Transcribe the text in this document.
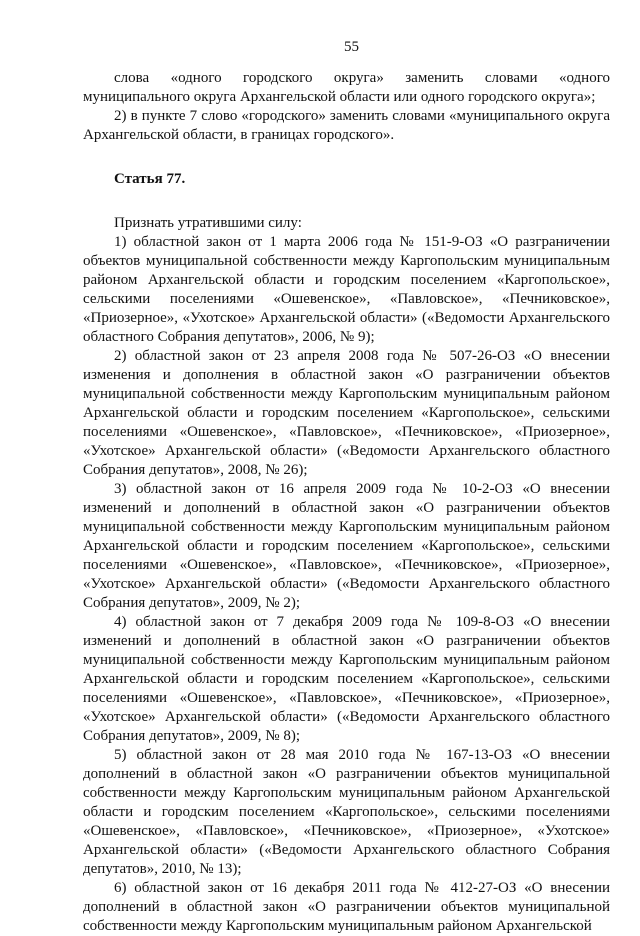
55

слова «одного городского округа» заменить словами «одного муниципального округа Архангельской области или одного городского округа»;

2) в пункте 7 слово «городского» заменить словами «муниципального округа Архангельской области, в границах городского».

Статья 77.

Признать утратившими силу:

1) областной закон от 1 марта 2006 года № 151-9-ОЗ «О разграничении объектов муниципальной собственности между Каргопольским муниципальным районом Архангельской области и городским поселением «Каргопольское», сельскими поселениями «Ошевенское», «Павловское», «Печниковское», «Приозерное», «Ухотское» Архангельской области» («Ведомости Архангельского областного Собрания депутатов», 2006, № 9);

2) областной закон от 23 апреля 2008 года № 507-26-ОЗ «О внесении изменения и дополнения в областной закон «О разграничении объектов муниципальной собственности между Каргопольским муниципальным районом Архангельской области и городским поселением «Каргопольское», сельскими поселениями «Ошевенское», «Павловское», «Печниковское», «Приозерное», «Ухотское» Архангельской области» («Ведомости Архангельского областного Собрания депутатов», 2008, № 26);

3) областной закон от 16 апреля 2009 года № 10-2-ОЗ «О внесении изменений и дополнений в областной закон «О разграничении объектов муниципальной собственности между Каргопольским муниципальным районом Архангельской области и городским поселением «Каргопольское», сельскими поселениями «Ошевенское», «Павловское», «Печниковское», «Приозерное», «Ухотское» Архангельской области» («Ведомости Архангельского областного Собрания депутатов», 2009, № 2);

4) областной закон от 7 декабря 2009 года № 109-8-ОЗ «О внесении изменений и дополнений в областной закон «О разграничении объектов муниципальной собственности между Каргопольским муниципальным районом Архангельской области и городским поселением «Каргопольское», сельскими поселениями «Ошевенское», «Павловское», «Печниковское», «Приозерное», «Ухотское» Архангельской области» («Ведомости Архангельского областного Собрания депутатов», 2009, № 8);

5) областной закон от 28 мая 2010 года № 167-13-ОЗ «О внесении дополнений в областной закон «О разграничении объектов муниципальной собственности между Каргопольским муниципальным районом Архангельской области и городским поселением «Каргопольское», сельскими поселениями «Ошевенское», «Павловское», «Печниковское», «Приозерное», «Ухотское» Архангельской области» («Ведомости Архангельского областного Собрания депутатов», 2010, № 13);

6) областной закон от 16 декабря 2011 года № 412-27-ОЗ «О внесении дополнений в областной закон «О разграничении объектов муниципальной собственности между Каргопольским муниципальным районом Архангельской
